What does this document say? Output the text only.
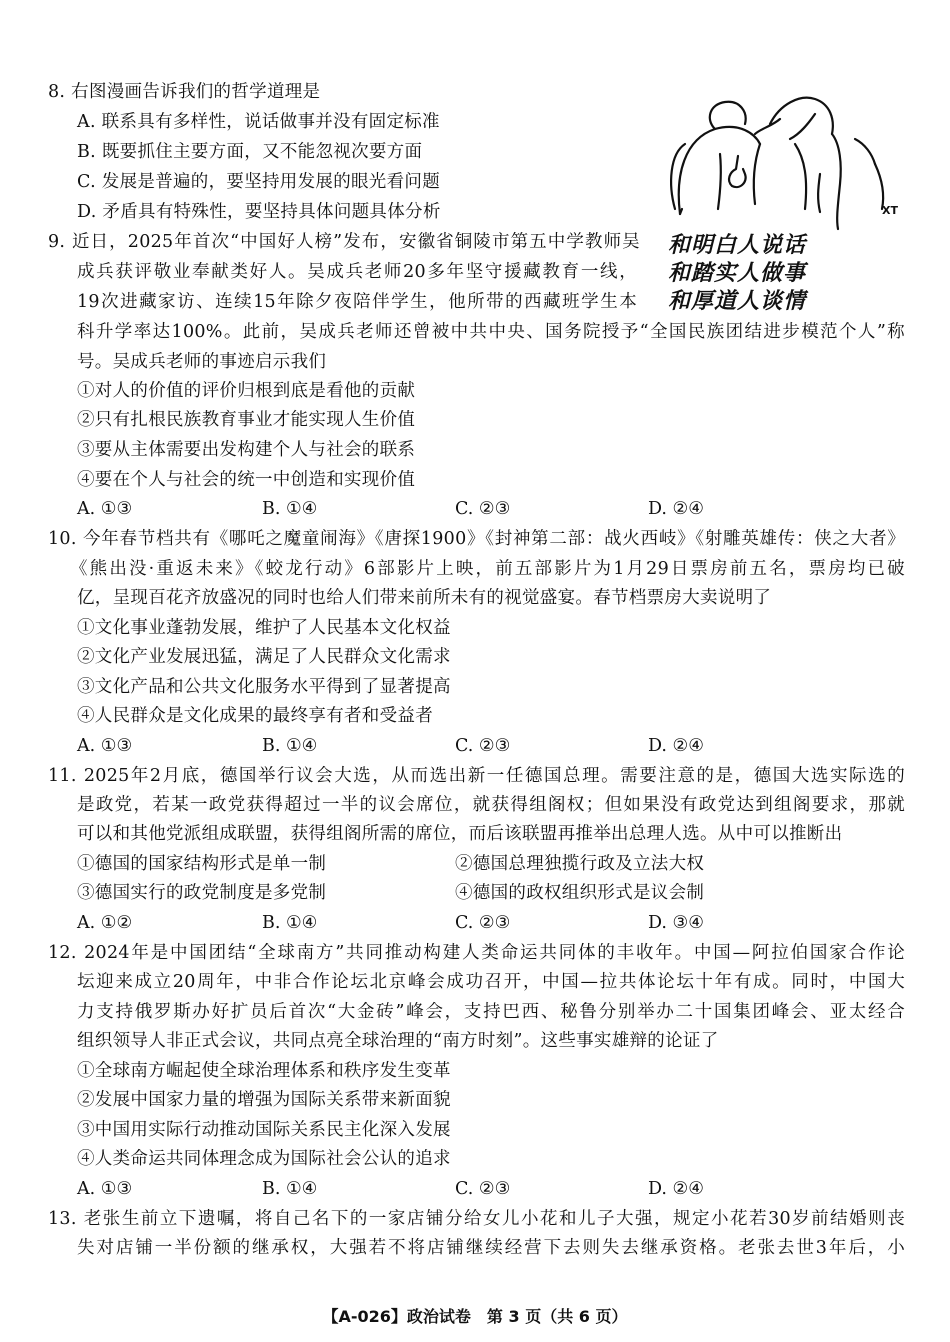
8. 右图漫画告诉我们的哲学道理是
A. 联系具有多样性，说话做事并没有固定标准
B. 既要抓住主要方面，又不能忽视次要方面
C. 发展是普遍的，要坚持用发展的眼光看问题
D. 矛盾具有特殊性，要坚持具体问题具体分析	XT
和明白人说话
和踏实人做事
和厚道人谈情
9. 近日，2025年首次“中国好人榜”发布，安徽省铜陵市第五中学教师吴
成兵获评敬业奉献类好人。吴成兵老师20多年坚守援藏教育一线，
19次进藏家访、连续15年除夕夜陪伴学生，他所带的西藏班学生本
科升学率达100%。此前，吴成兵老师还曾被中共中央、国务院授予“全国民族团结进步模范个人”称
号。吴成兵老师的事迹启示我们
①对人的价值的评价归根到底是看他的贡献
②只有扎根民族教育事业才能实现人生价值
③要从主体需要出发构建个人与社会的联系
④要在个人与社会的统一中创造和实现价值
A. ①③	B. ①④	C. ②③	D. ②④
10. 今年春节档共有《哪吒之魔童闹海》《唐探1900》《封神第二部：战火西岐》《射雕英雄传：侠之大者》
《熊出没·重返未来》《蛟龙行动》6部影片上映，前五部影片为1月29日票房前五名，票房均已破
亿，呈现百花齐放盛况的同时也给人们带来前所未有的视觉盛宴。春节档票房大卖说明了
①文化事业蓬勃发展，维护了人民基本文化权益
②文化产业发展迅猛，满足了人民群众文化需求
③文化产品和公共文化服务水平得到了显著提高
④人民群众是文化成果的最终享有者和受益者
A. ①③	B. ①④	C. ②③	D. ②④
11. 2025年2月底，德国举行议会大选，从而选出新一任德国总理。需要注意的是，德国大选实际选的
是政党，若某一政党获得超过一半的议会席位，就获得组阁权；但如果没有政党达到组阁要求，那就
可以和其他党派组成联盟，获得组阁所需的席位，而后该联盟再推举出总理人选。从中可以推断出
①德国的国家结构形式是单一制	②德国总理独揽行政及立法大权
③德国实行的政党制度是多党制	④德国的政权组织形式是议会制
A. ①②	B. ①④	C. ②③	D. ③④
12. 2024年是中国团结“全球南方”共同推动构建人类命运共同体的丰收年。中国—阿拉伯国家合作论
坛迎来成立20周年，中非合作论坛北京峰会成功召开，中国—拉共体论坛十年有成。同时，中国大
力支持俄罗斯办好扩员后首次“大金砖”峰会，支持巴西、秘鲁分别举办二十国集团峰会、亚太经合
组织领导人非正式会议，共同点亮全球治理的“南方时刻”。这些事实雄辩的论证了
①全球南方崛起使全球治理体系和秩序发生变革
②发展中国家力量的增强为国际关系带来新面貌
③中国用实际行动推动国际关系民主化深入发展
④人类命运共同体理念成为国际社会公认的追求
A. ①③	B. ①④	C. ②③	D. ②④
13. 老张生前立下遗嘱，将自己名下的一家店铺分给女儿小花和儿子大强，规定小花若30岁前结婚则丧
失对店铺一半份额的继承权，大强若不将店铺继续经营下去则失去继承资格。老张去世3年后，小
【A-026】政治试卷　第 3 页（共 6 页）
